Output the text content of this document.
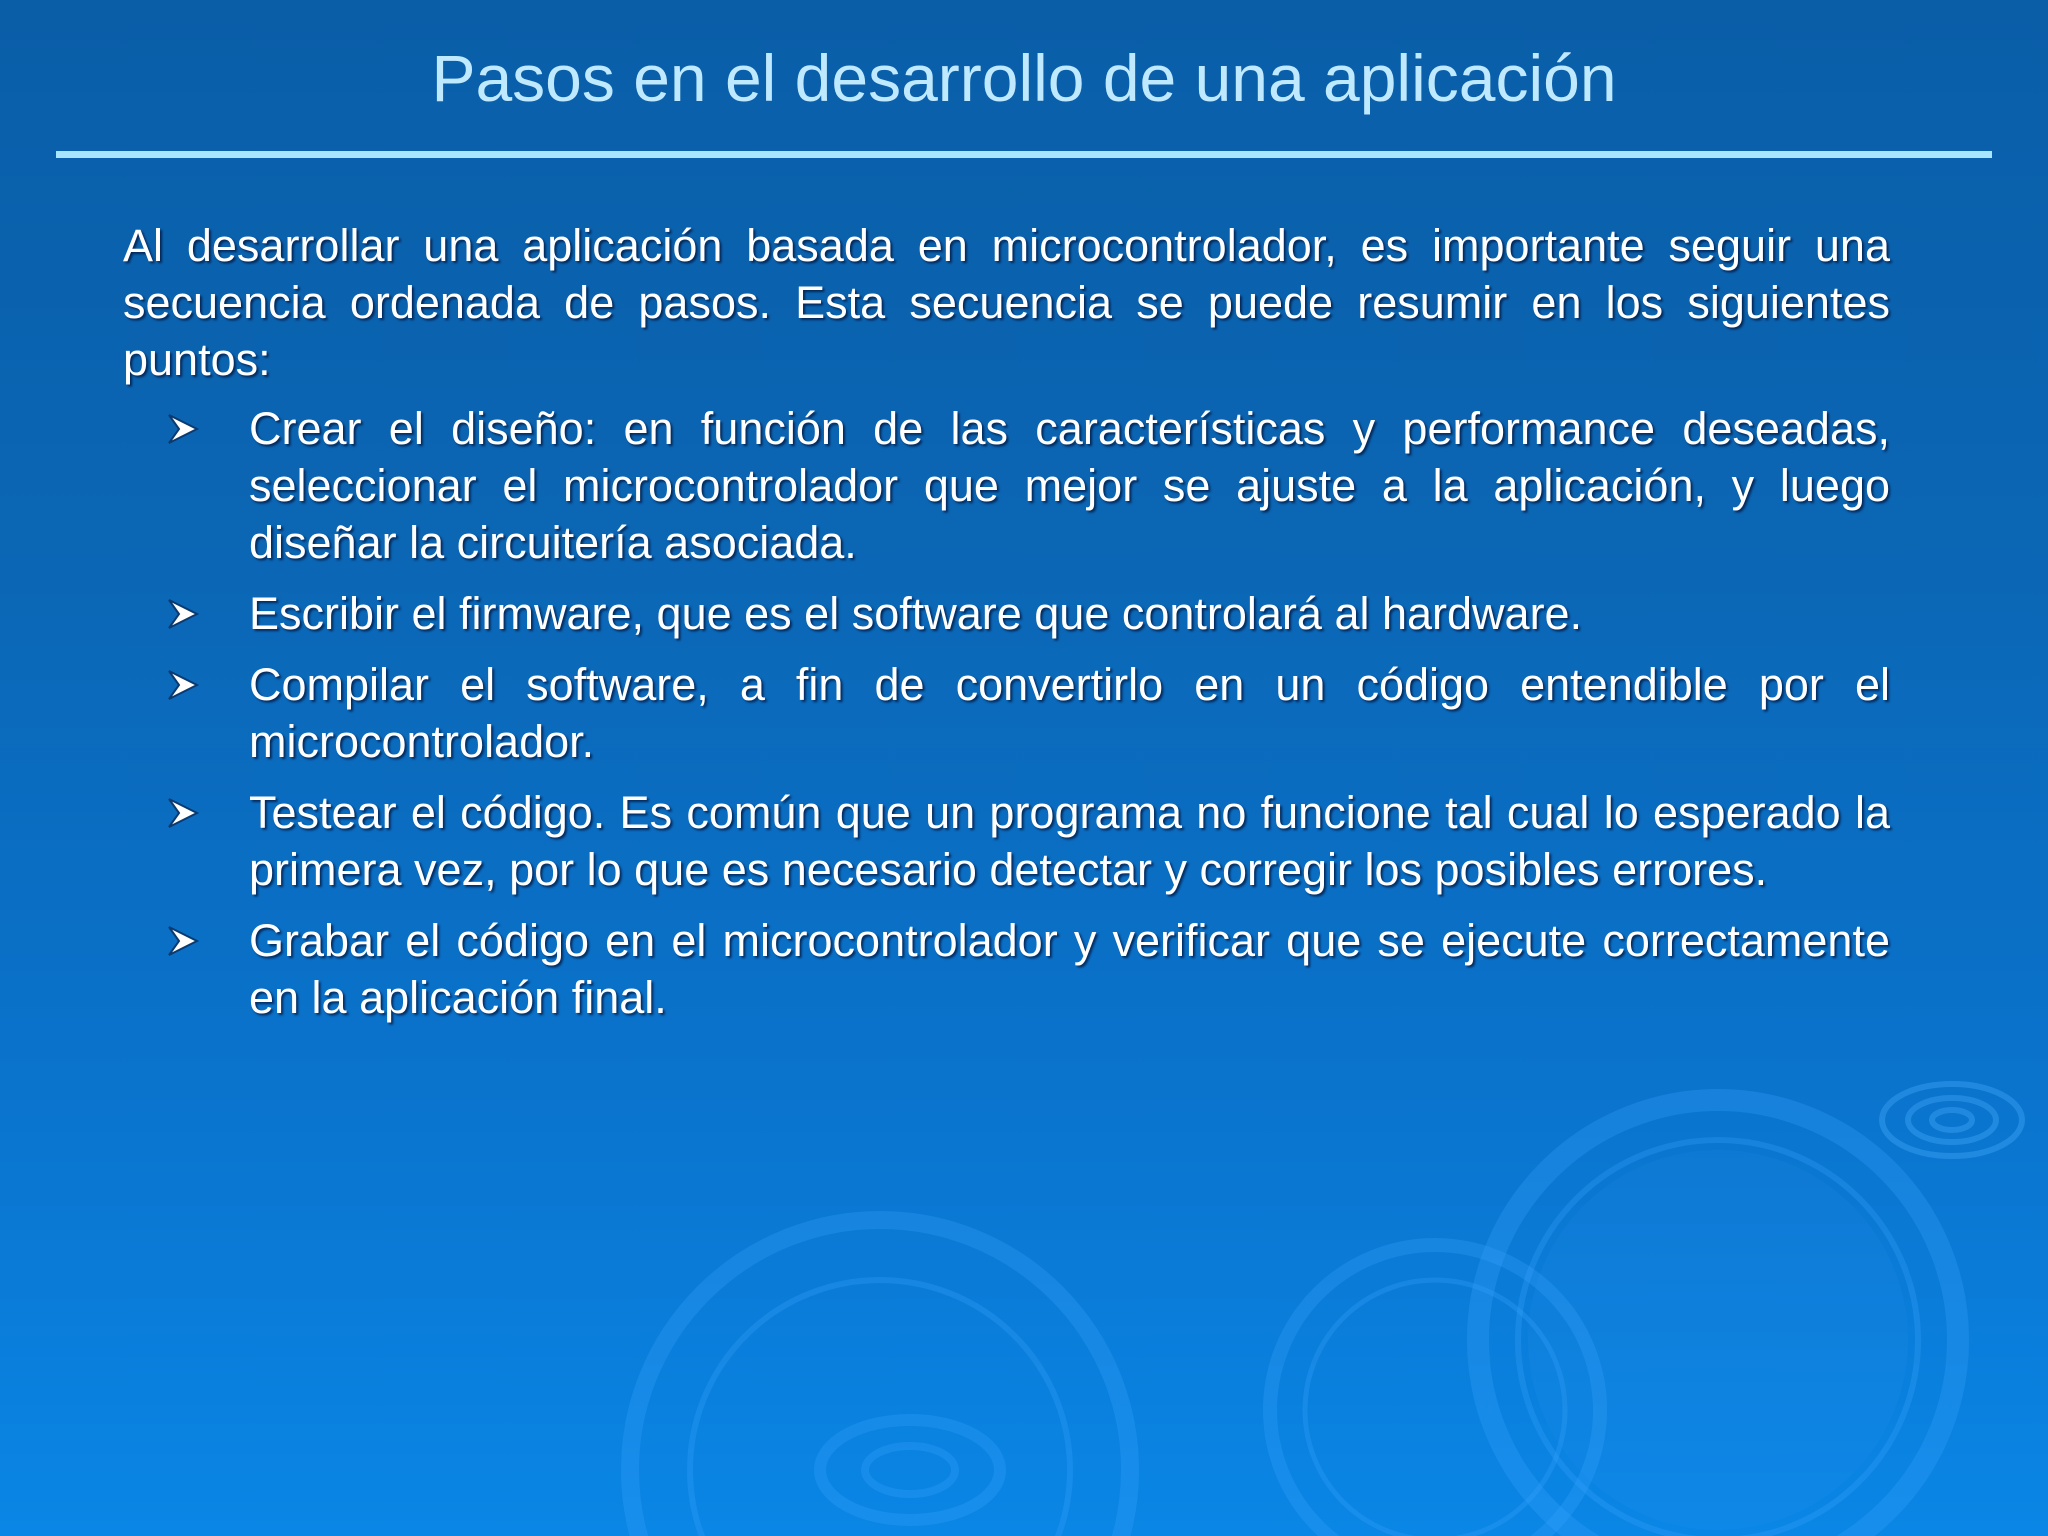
Pasos en el desarrollo de una aplicación

Al desarrollar una aplicación basada en microcontrolador, es importante seguir una secuencia ordenada de pasos. Esta secuencia se puede resumir en los siguientes puntos:

Crear el diseño: en función de las características y performance deseadas, seleccionar el microcontrolador que mejor se ajuste a la aplicación, y luego diseñar la circuitería asociada.
Escribir el firmware, que es el software que controlará al hardware.
Compilar el software, a fin de convertirlo en un código entendible por el microcontrolador.
Testear el código. Es común que un programa no funcione tal cual lo esperado la primera vez, por lo que es necesario detectar y corregir los posibles errores.
Grabar el código en el microcontrolador y verificar que se ejecute correctamente en la aplicación final.
